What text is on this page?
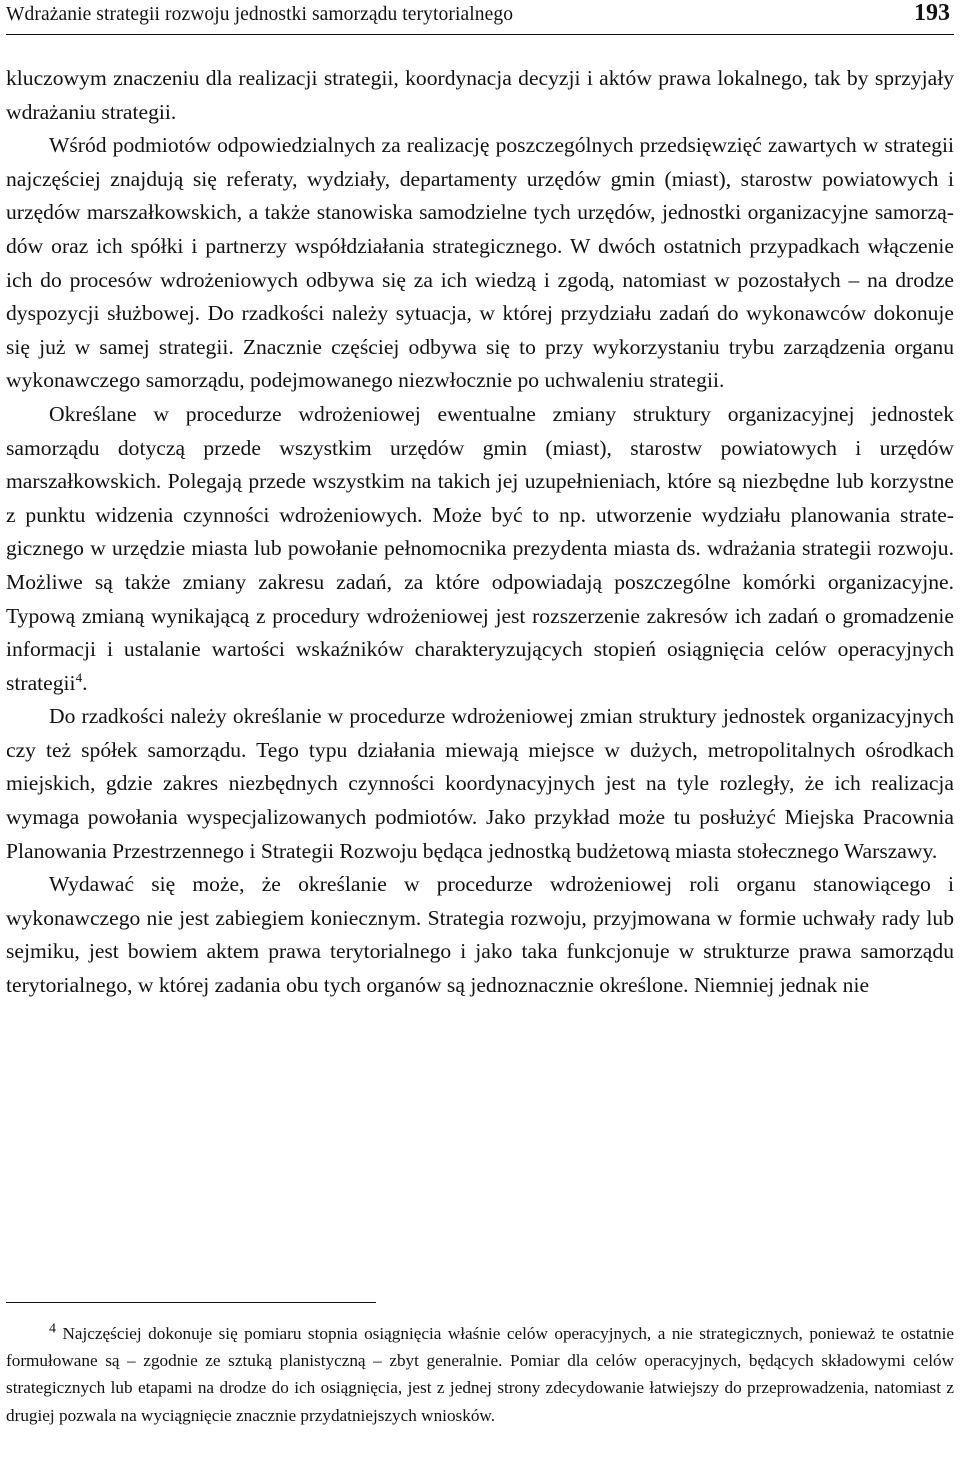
Wdrażanie strategii rozwoju jednostki samorządu terytorialnego	193

kluczowym znaczeniu dla realizacji strategii, koordynacja decyzji i aktów prawa lokalnego, tak by sprzyjały wdrażaniu strategii.

Wśród podmiotów odpowiedzialnych za realizację poszczególnych przedsięwzięć zawartych w strategii najczęściej znajdują się referaty, wydziały, departamenty urzędów gmin (miast), starostw powiatowych i urzędów marszałkowskich, a także stanowiska samodzielne tych urzędów, jednostki organizacyjne samorządów oraz ich spółki i partnerzy współdziałania strategicznego. W dwóch ostatnich przypadkach włączenie ich do procesów wdrożeniowych odbywa się za ich wiedzą i zgodą, natomiast w pozostałych – na drodze dyspozycji służbowej. Do rzadkości należy sytuacja, w której przydziału zadań do wykonawców dokonuje się już w samej strategii. Znacznie częściej odbywa się to przy wykorzystaniu trybu zarządzenia organu wykonawczego samorządu, podejmowanego niezwłocznie po uchwaleniu strategii.

Określane w procedurze wdrożeniowej ewentualne zmiany struktury organizacyjnej jednostek samorządu dotyczą przede wszystkim urzędów gmin (miast), starostw powiatowych i urzędów marszałkowskich. Polegają przede wszystkim na takich jej uzupełnieniach, które są niezbędne lub korzystne z punktu widzenia czynności wdrożeniowych. Może być to np. utworzenie wydziału planowania strategicznego w urzędzie miasta lub powołanie pełnomocnika prezydenta miasta ds. wdrażania strategii rozwoju. Możliwe są także zmiany zakresu zadań, za które odpowiadają poszczególne komórki organizacyjne. Typową zmianą wynikającą z procedury wdrożeniowej jest rozszerzenie zakresów ich zadań o gromadzenie informacji i ustalanie wartości wskaźników charakteryzujących stopień osiągnięcia celów operacyjnych strategii$^4$.

Do rzadkości należy określanie w procedurze wdrożeniowej zmian struktury jednostek organizacyjnych czy też spółek samorządu. Tego typu działania miewają miejsce w dużych, metropolitalnych ośrodkach miejskich, gdzie zakres niezbędnych czynności koordynacyjnych jest na tyle rozległy, że ich realizacja wymaga powołania wyspecjalizowanych podmiotów. Jako przykład może tu posłużyć Miejska Pracownia Planowania Przestrzennego i Strategii Rozwoju będąca jednostką budżetową miasta stołecznego Warszawy.

Wydawać się może, że określanie w procedurze wdrożeniowej roli organu stanowiącego i wykonawczego nie jest zabiegiem koniecznym. Strategia rozwoju, przyjmowana w formie uchwały rady lub sejmiku, jest bowiem aktem prawa terytorialnego i jako taka funkcjonuje w strukturze prawa samorządu terytorialnego, w której zadania obu tych organów są jednoznacznie określone. Niemniej jednak nie

$^4$ Najczęściej dokonuje się pomiaru stopnia osiągnięcia właśnie celów operacyjnych, a nie strategicznych, ponieważ te ostatnie formułowane są – zgodnie ze sztuką planistyczną – zbyt generalnie. Pomiar dla celów operacyjnych, będących składowymi celów strategicznych lub etapami na drodze do ich osiągnięcia, jest z jednej strony zdecydowanie łatwiejszy do przeprowadzenia, natomiast z drugiej pozwala na wyciągnięcie znacznie przydatniejszych wniosków.
